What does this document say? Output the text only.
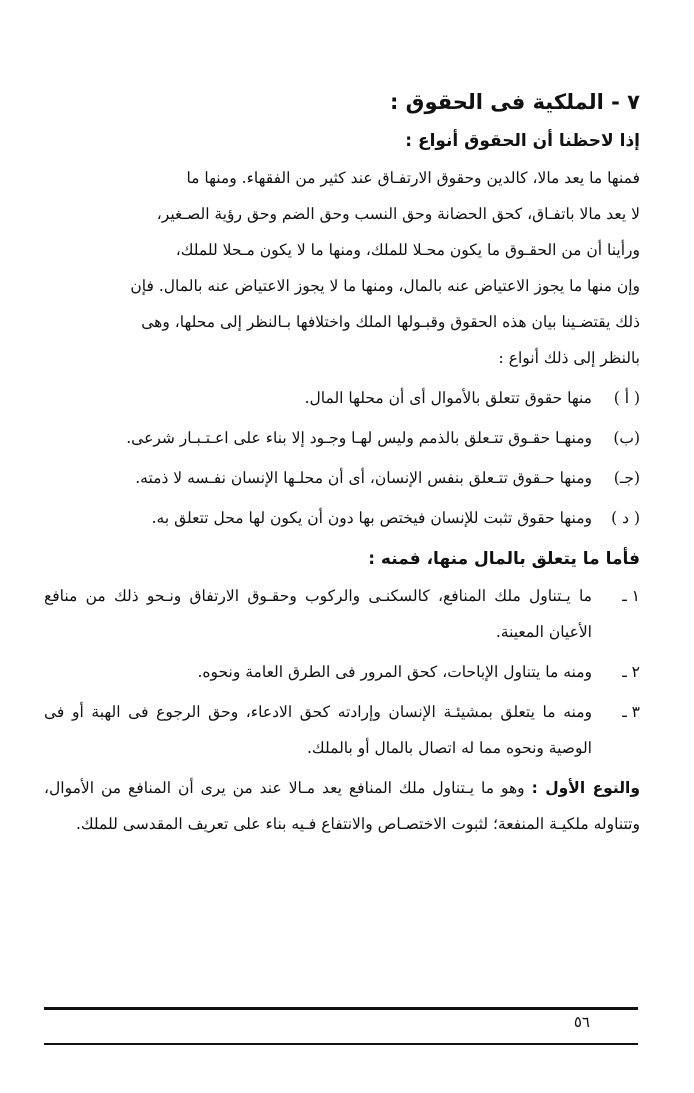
٧ - الملكية فى الحقوق :
إذا لاحظنا أن الحقوق أنواع :
فمنها ما يعد مالا، كالدين وحقوق الارتفـاق عند كثير من الفقهاء. ومنها ما
لا يعد مالا باتفـاق، كحق الحضانة وحق النسب وحق الضم وحق رؤية الصـغير،
ورأينا أن من الحقـوق ما يكون محـلا للملك، ومنها ما لا يكون مـحلا للملك،
وإن منها ما يجوز الاعتياض عنه بالمال، ومنها ما لا يجوز الاعتياض عنه بالمال. فإن
ذلك يقتضـينا بيان هذه الحقوق وقبـولها الملك واختلافها بـالنظر إلى محلها، وهى
بالنظر إلى ذلك أنواع :
( أ )
منها حقوق تتعلق بالأموال أى أن محلها المال.
(ب)
ومنهـا حقـوق تتـعلق بالذمم وليس لهـا وجـود إلا بناء على اعـتـبـار شرعى.
(جـ)
ومنها حـقوق تتـعلق بنفس الإنسان، أى أن محلـها الإنسان نفـسه لا ذمته.
( د )
ومنها حقوق تثبت للإنسان فيختص بها دون أن يكون لها محل تتعلق به.
فأما ما يتعلق بالمال منها، فمنه :
١ ـ
ما يـتناول ملك المنافع، كالسكنـى والركوب وحقـوق الارتفاق ونـحو ذلك من منافع الأعيان المعينة.
٢ ـ
ومنه ما يتناول الإباحات، كحق المرور فى الطرق العامة ونحوه.
٣ ـ
ومنه ما يتعلق بمشيئـة الإنسان وإرادته كحق الادعاء، وحق الرجوع فى الهبة أو فى الوصية ونحوه مما له اتصال بالمال أو بالملك.
والنوع الأول : وهو ما يـتناول ملك المنافع يعد مـالا عند من يرى أن المنافع من الأموال، وتتناوله ملكيـة المنفعة؛ لثبوت الاختصـاص والانتفاع فـيه بناء على تعريف المقدسى للملك.
٥٦
